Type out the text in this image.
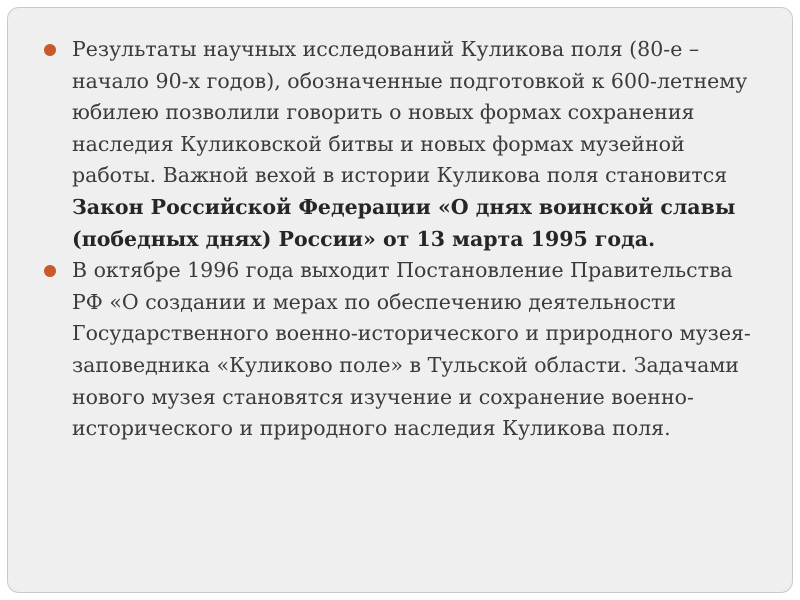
Результаты научных исследований Куликова поля (80-е – начало 90-х годов), обозначенные подготовкой к 600-летнему юбилею позволили говорить о новых формах сохранения наследия Куликовской битвы и новых формах музейной работы. Важной вехой в истории Куликова поля становится Закон Российской Федерации «О днях воинской славы (победных днях) России» от 13 марта 1995 года.
В октябре 1996 года выходит Постановление Правительства РФ «О создании и мерах по обеспечению деятельности Государственного военно-исторического и природного музея-заповедника «Куликово поле» в Тульской области. Задачами нового музея становятся изучение и сохранение военно-исторического и природного наследия Куликова поля.
